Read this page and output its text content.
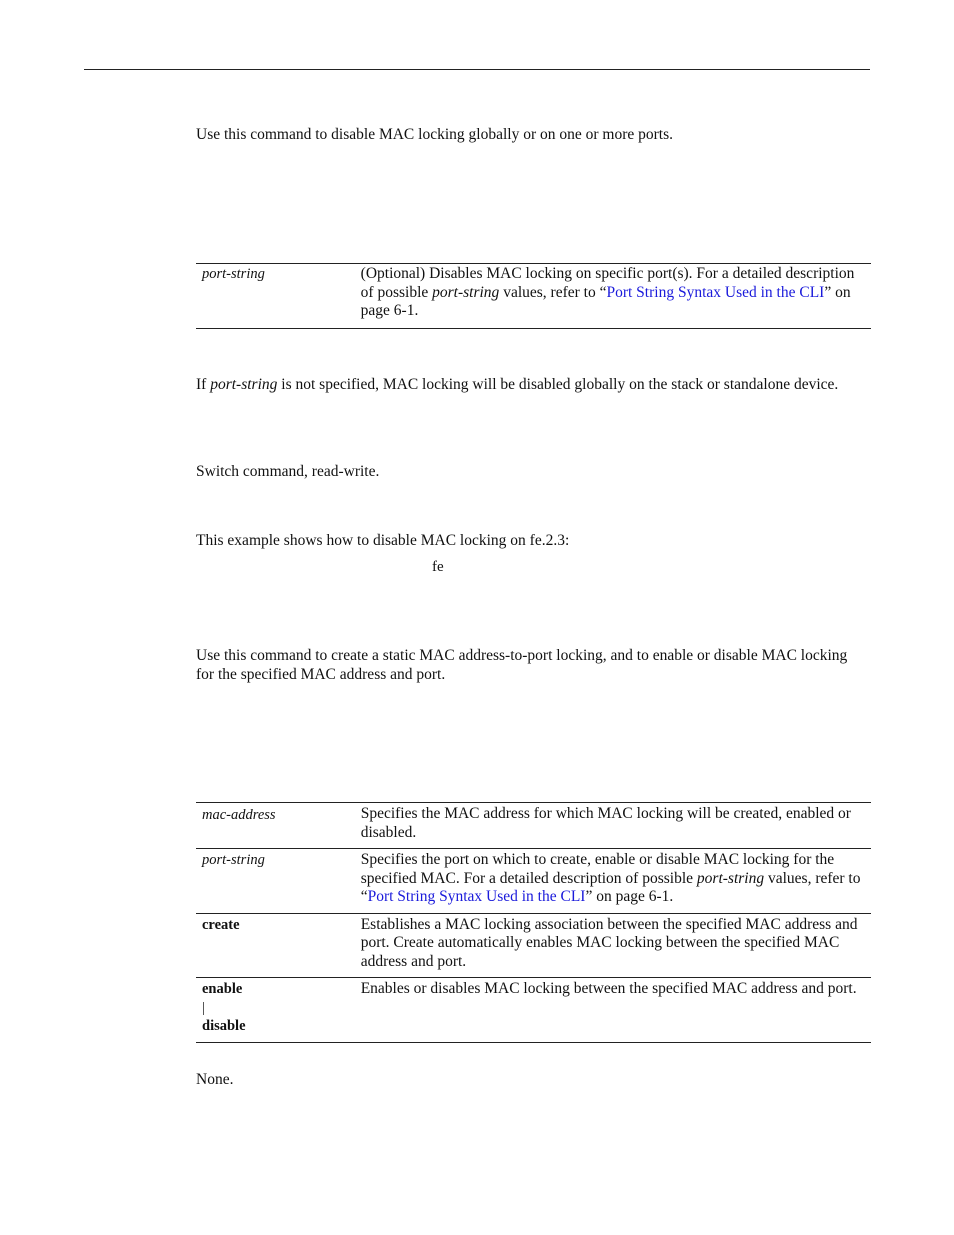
Use this command to disable MAC locking globally or on one or more ports.

port-string	(Optional) Disables MAC locking on specific port(s). For a detailed description of possible port-string values, refer to “Port String Syntax Used in the CLI” on page 6-1.

If port-string is not specified, MAC locking will be disabled globally on the stack or standalone device.

Switch command, read-write.

This example shows how to disable MAC locking on fe.2.3:

fe

Use this command to create a static MAC address-to-port locking, and to enable or disable MAC locking for the specified MAC address and port.

mac-address	Specifies the MAC address for which MAC locking will be created, enabled or disabled.

port-string	Specifies the port on which to create, enable or disable MAC locking for the specified MAC. For a detailed description of possible port-string values, refer to “Port String Syntax Used in the CLI” on page 6-1.

create	Establishes a MAC locking association between the specified MAC address and port. Create automatically enables MAC locking between the specified MAC address and port.

enable
|
disable	Enables or disables MAC locking between the specified MAC address and port.

None.
